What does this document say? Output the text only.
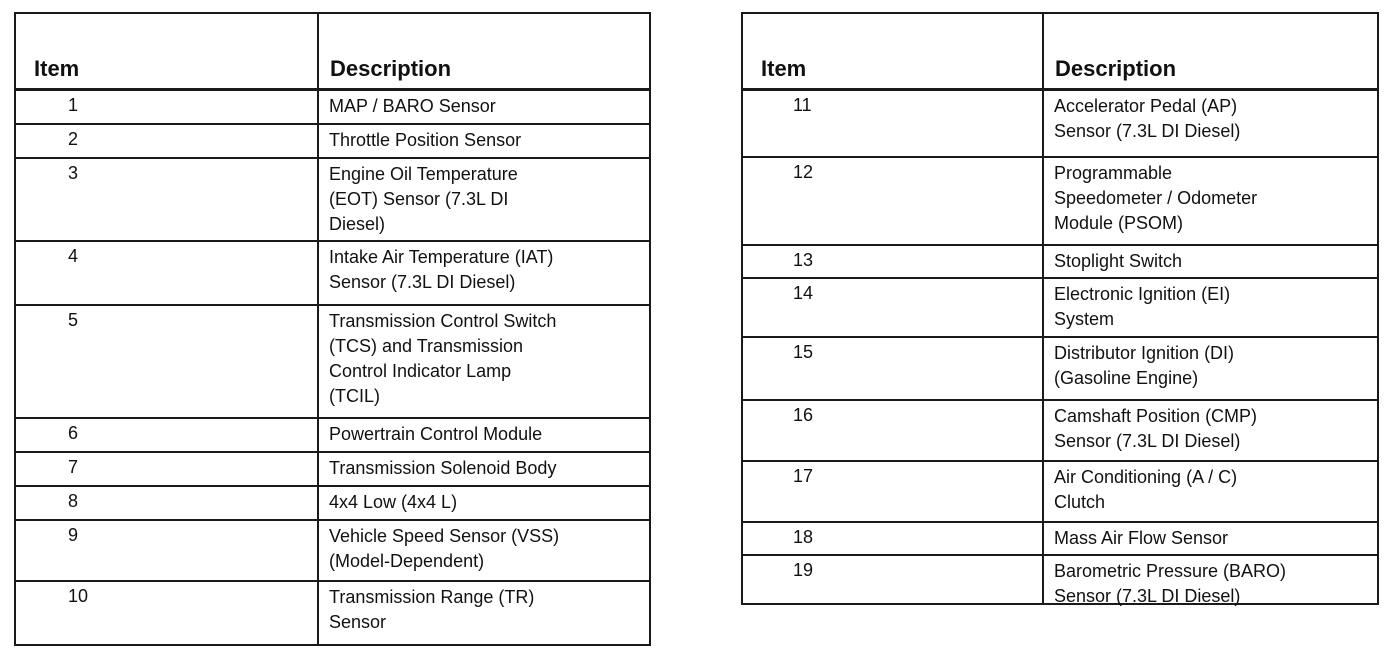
Item	Description
1	MAP / BARO Sensor
2	Throttle Position Sensor
3	Engine Oil Temperature
(EOT) Sensor (7.3L DI
Diesel)
4	Intake Air Temperature (IAT)
Sensor (7.3L DI Diesel)
5	Transmission Control Switch
(TCS) and Transmission
Control Indicator Lamp
(TCIL)
6	Powertrain Control Module
7	Transmission Solenoid Body
8	4x4 Low (4x4 L)
9	Vehicle Speed Sensor (VSS)
(Model-Dependent)
10	Transmission Range (TR)
Sensor
Item	Description
11	Accelerator Pedal (AP)
Sensor (7.3L DI Diesel)
12	Programmable
Speedometer / Odometer
Module (PSOM)
13	Stoplight Switch
14	Electronic Ignition (EI)
System
15	Distributor Ignition (DI)
(Gasoline Engine)
16	Camshaft Position (CMP)
Sensor (7.3L DI Diesel)
17	Air Conditioning (A / C)
Clutch
18	Mass Air Flow Sensor
19	Barometric Pressure (BARO)
Sensor (7.3L DI Diesel)
